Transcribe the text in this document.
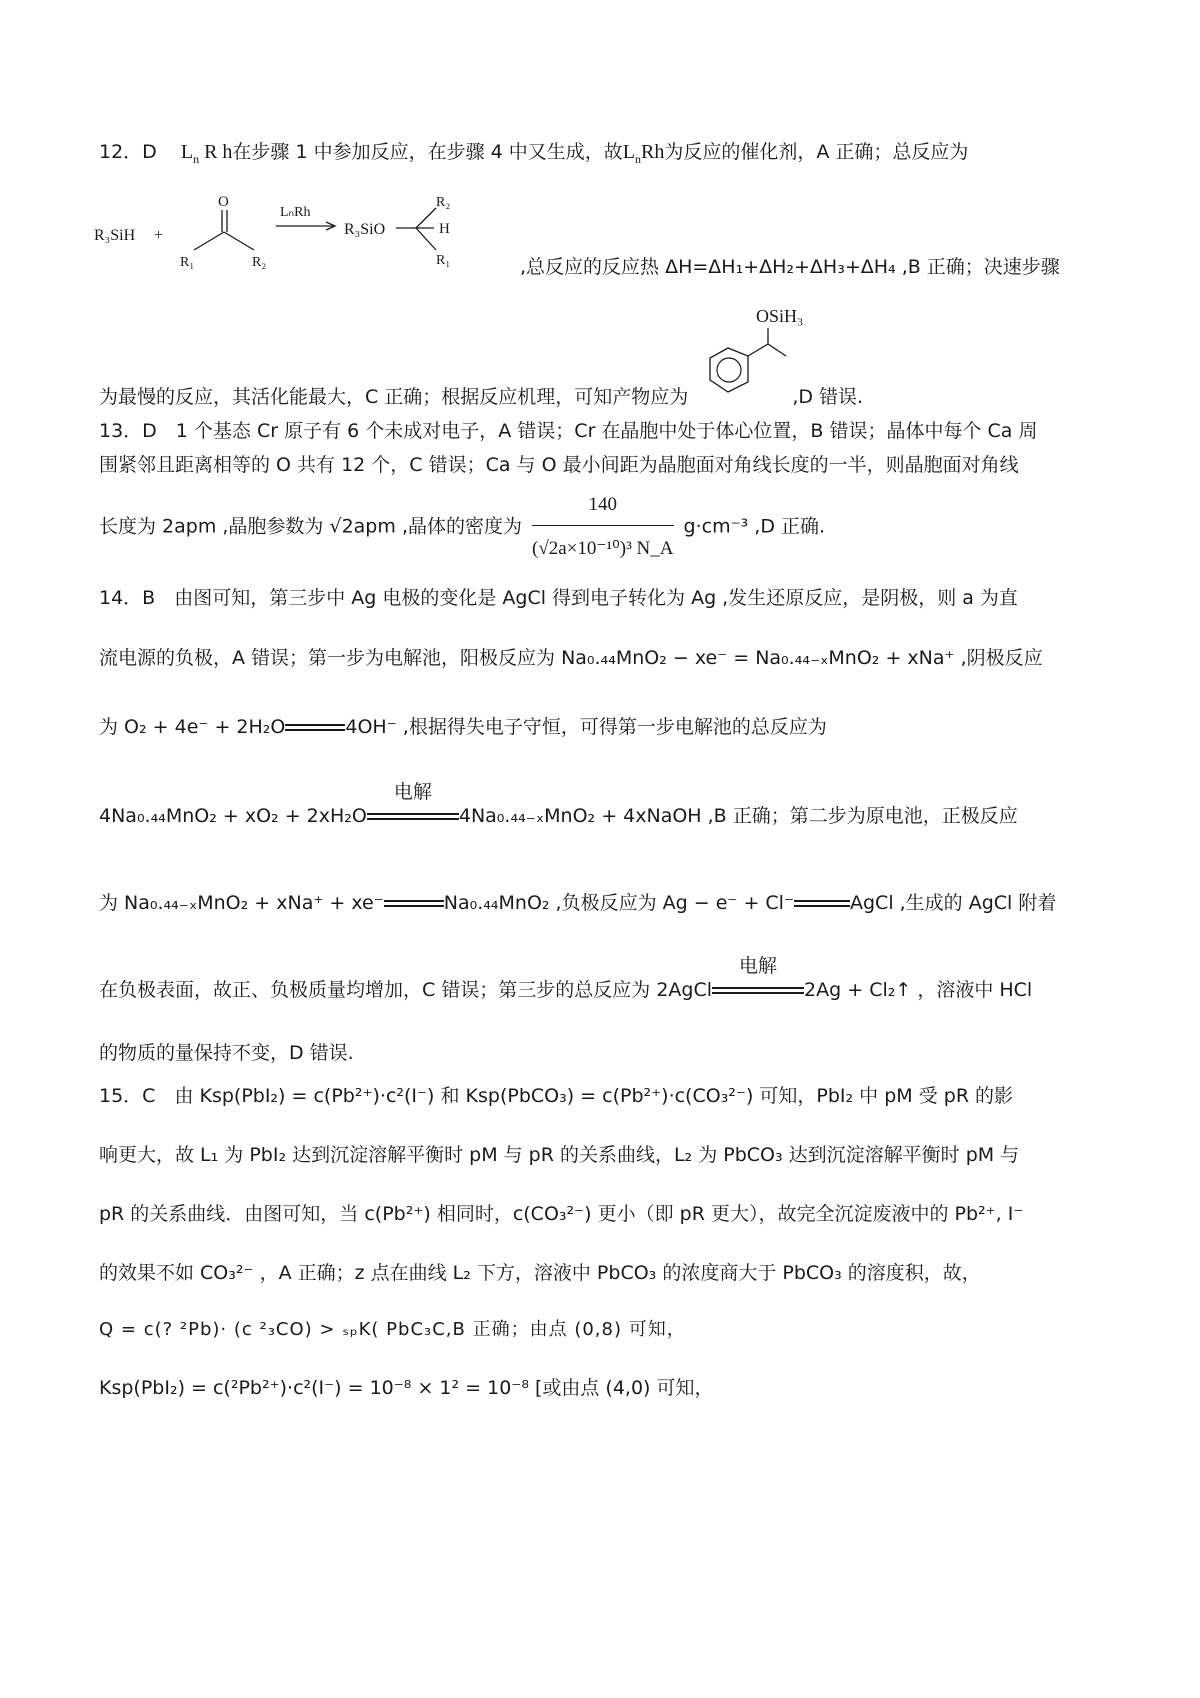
12．D $L_n$ R h在步骤 1 中参加反应，在步骤 4 中又生成，故$L_nRh$为反应的催化剂，A 正确；总反应为
R₃SiH +
O
R₁	R₂
LₙRh
R₃SiO
R₂
H
R₁	,总反应的反应热 ΔH=ΔH₁+ΔH₂+ΔH₃+ΔH₄ ,B 正确；决速步骤
OSiH₃
为最慢的反应，其活化能最大，C 正确；根据反应机理，可知产物应为	,D 错误.
13．D　1 个基态 Cr 原子有 6 个未成对电子，A 错误；Cr 在晶胞中处于体心位置，B 错误；晶体中每个 Ca 周
围紧邻且距离相等的 O 共有 12 个，C 错误；Ca 与 O 最小间距为晶胞面对角线长度的一半，则晶胞面对角线
长度为 2apm ,晶胞参数为 √2apm ,晶体的密度为 $\frac{140}{\text{(√2a×10⁻¹⁰)³ N\_A}} g\cdot cm^{-3}$ ,D 正确.
14．B　由图可知，第三步中 Ag 电极的变化是 AgCl 得到电子转化为 Ag ,发生还原反应，是阴极，则 a 为直
流电源的负极，A 错误；第一步为电解池，阳极反应为 Na₀.₄₄MnO₂ − xe⁻ = Na₀.₄₄₋ₓMnO₂ + xNa⁺ ,阴极反应
为 O₂ + 4e⁻ + 2H₂O	4OH⁻ ,根据得失电子守恒，可得第一步电解池的总反应为
4Na₀.₄₄MnO₂ + xO₂ + 2xH₂O
电解
4Na₀.₄₄₋ₓMnO₂ + 4xNaOH ,B 正确；第二步为原电池，正极反应
为 Na₀.₄₄₋ₓMnO₂ + xNa⁺ + xe⁻	Na₀.₄₄MnO₂ ,负极反应为 Ag − e⁻ + Cl⁻	AgCl ,生成的 AgCl 附着
在负极表面，故正、负极质量均增加，C 错误；第三步的总反应为 2AgCl
电解
2Ag + Cl₂↑ ，溶液中 HCl
的物质的量保持不变，D 错误.
15．C　由 Ksp(PbI₂) = c(Pb²⁺)·c²(I⁻) 和 Ksp(PbCO₃) = c(Pb²⁺)·c(CO₃²⁻) 可知，PbI₂ 中 pM 受 pR 的影
响更大，故 L₁ 为 PbI₂ 达到沉淀溶解平衡时 pM 与 pR 的关系曲线，L₂ 为 PbCO₃ 达到沉淀溶解平衡时 pM 与
pR 的关系曲线．由图可知，当 c(Pb²⁺) 相同时，c(CO₃²⁻) 更小（即 pR 更大），故完全沉淀废液中的 Pb²⁺, I⁻
的效果不如 CO₃²⁻ ，A 正确；z 点在曲线 L₂ 下方，溶液中 PbCO₃ 的浓度商大于 PbCO₃ 的溶度积，故，
Q = c(? ²Pb)· (c ²₃CO) > ₛₚK( PbC₃C,B 正确；由点 (0,8) 可知，
Ksp(PbI₂) = c(²Pb²⁺)·c²(I⁻) = 10⁻⁸ × 1² = 10⁻⁸ [或由点 (4,0) 可知，
